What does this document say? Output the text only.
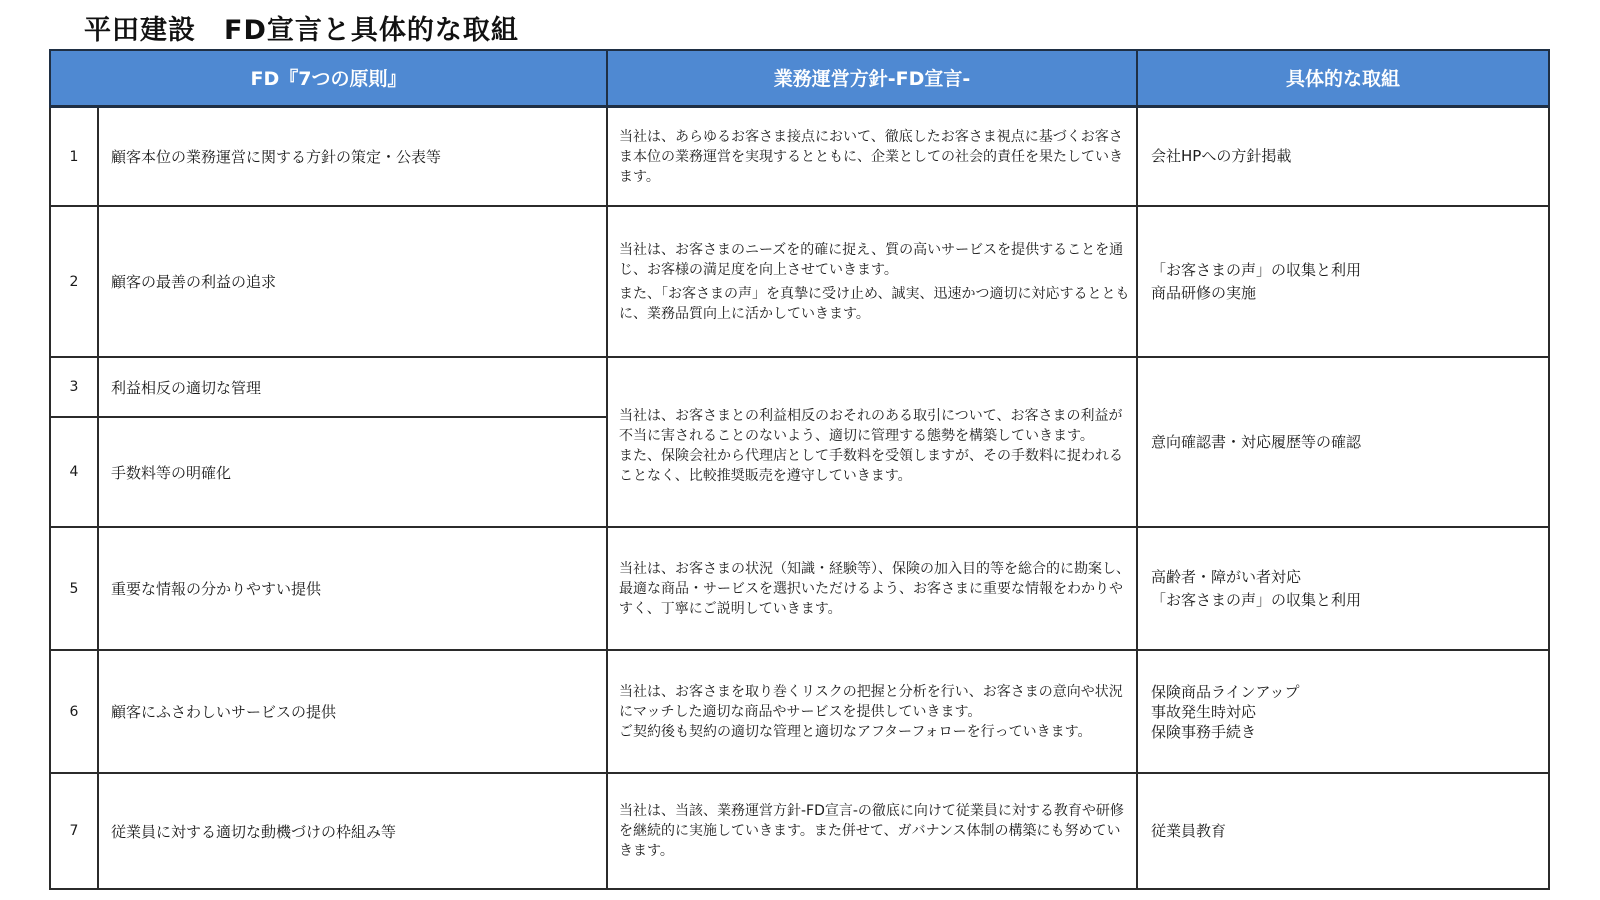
平田建設　FD宣言と具体的な取組
FD『7つの原則』	業務運営方針‐FD宣言‐	具体的な取組
1 顧客本位の業務運営に関する方針の策定・公表等

当社は、あらゆるお客さま接点において、徹底したお客さま視点に基づくお客さま本位の業務運営を実現するとともに、企業としての社会的責任を果たしていきます。

会社HPへの方針掲載
2 顧客の最善の利益の追求

当社は、お客さまのニーズを的確に捉え、質の高いサービスを提供することを通じ、お客様の満足度を向上させていきます。

また、「お客さまの声」を真摯に受け止め、誠実、迅速かつ適切に対応するとともに、業務品質向上に活かしていきます。

「お客さまの声」の収集と利用
商品研修の実施
3 利益相反の適切な管理
4 手数料等の明確化

当社は、お客さまとの利益相反のおそれのある取引について、お客さまの利益が不当に害されることのないよう、適切に管理する態勢を構築していきます。

また、保険会社から代理店として手数料を受領しますが、その手数料に捉われることなく、比較推奨販売を遵守していきます。

意向確認書・対応履歴等の確認
5 重要な情報の分かりやすい提供

当社は、お客さまの状況（知識・経験等）、保険の加入目的等を総合的に勘案し、最適な商品・サービスを選択いただけるよう、お客さまに重要な情報をわかりやすく、丁寧にご説明していきます。

高齢者・障がい者対応
「お客さまの声」の収集と利用
6 顧客にふさわしいサービスの提供

当社は、お客さまを取り巻くリスクの把握と分析を行い、お客さまの意向や状況にマッチした適切な商品やサービスを提供していきます。

ご契約後も契約の適切な管理と適切なアフターフォローを行っていきます。

保険商品ラインアップ
事故発生時対応
保険事務手続き
7 従業員に対する適切な動機づけの枠組み等

当社は、当該、業務運営方針‐FD宣言‐の徹底に向けて従業員に対する教育や研修を継続的に実施していきます。また併せて、ガバナンス体制の構築にも努めていきます。

従業員教育
